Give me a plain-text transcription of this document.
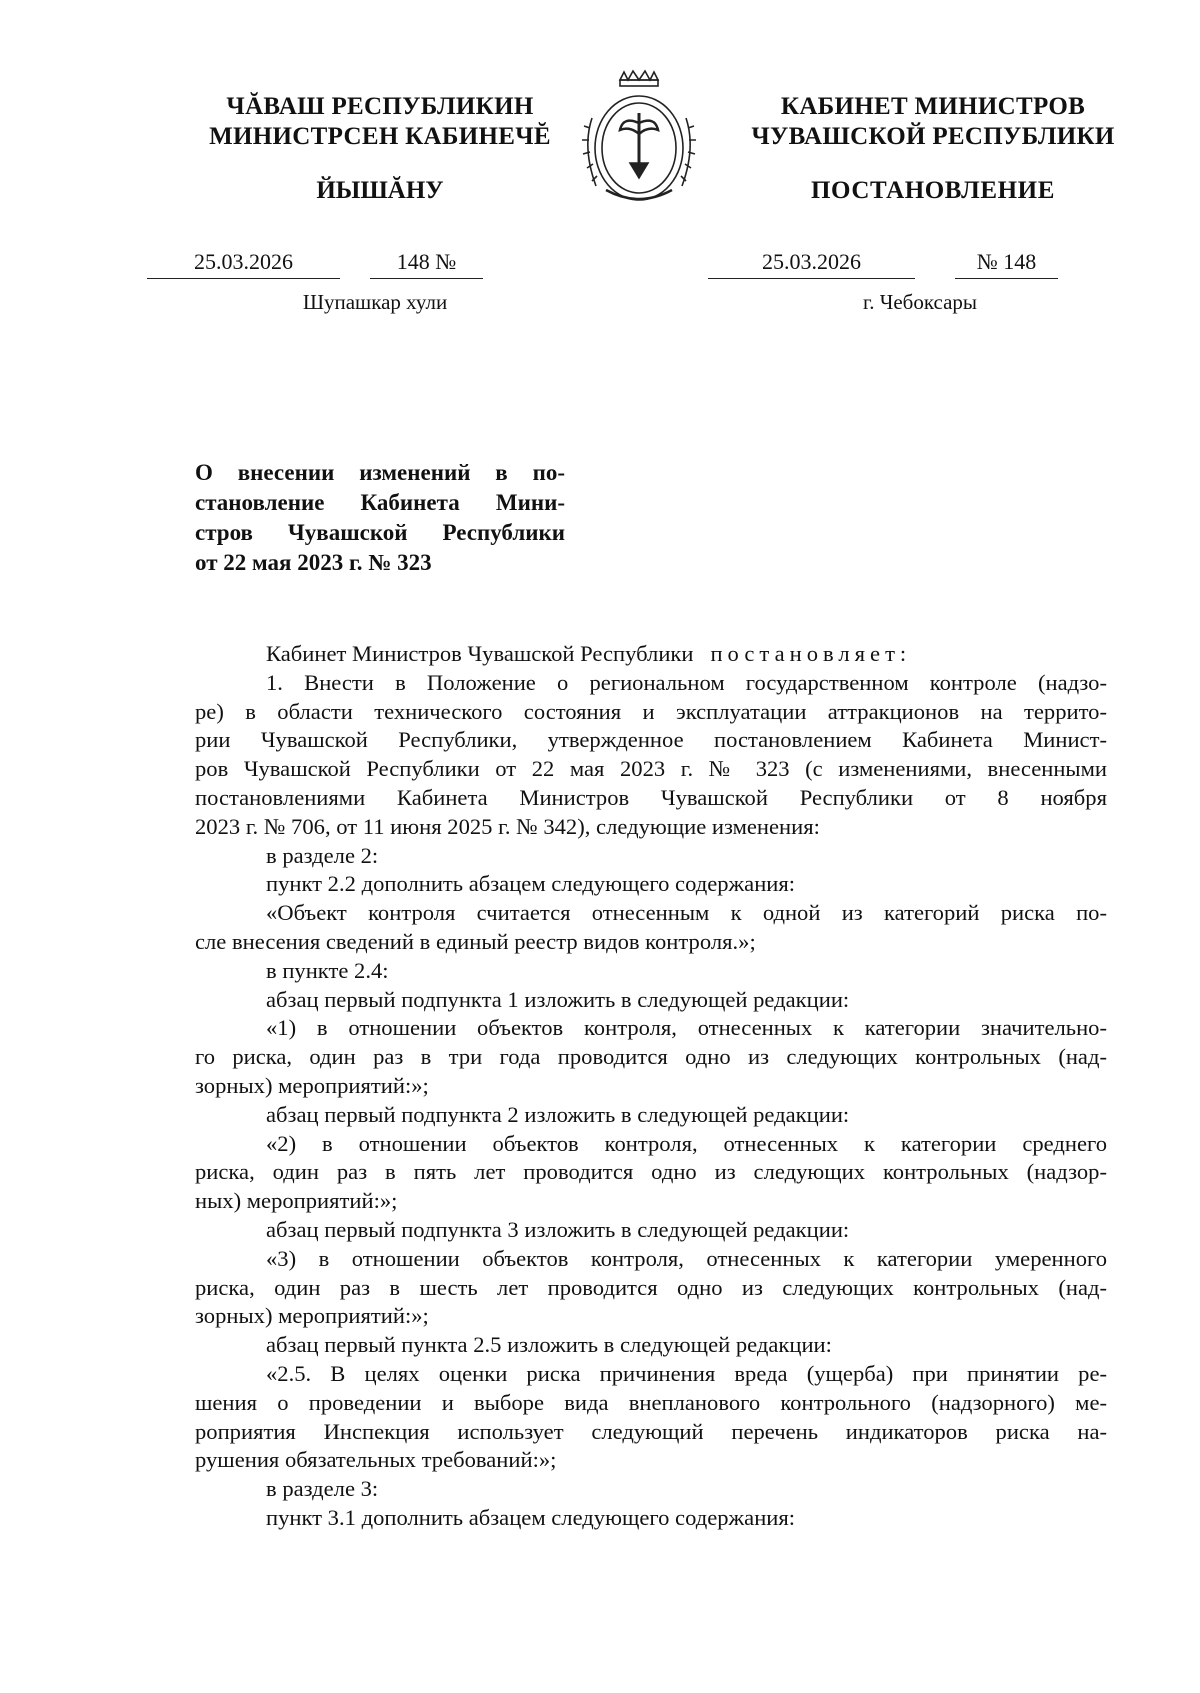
ЧĂВАШ РЕСПУБЛИКИН
МИНИСТРСЕН КАБИНЕЧĔ
ЙЫШĂНУ
КАБИНЕТ МИНИСТРОВ
ЧУВАШСКОЙ РЕСПУБЛИКИ
ПОСТАНОВЛЕНИЕ
25.03.2026	148 №	25.03.2026	№ 148
Шупашкар хули	г. Чебоксары
О внесении изменений в по-
становление Кабинета Мини-
стров Чувашской Республики
от 22 мая 2023 г. № 323
Кабинет Министров Чувашской Республики постановляет:
1. Внести в Положение о региональном государственном контроле (надзо-
ре) в области технического состояния и эксплуатации аттракционов на террито-
рии Чувашской Республики, утвержденное постановлением Кабинета Минист-
ров Чувашской Республики от 22 мая 2023 г. № 323 (с изменениями, внесенными
постановлениями Кабинета Министров Чувашской Республики от 8 ноября
2023 г. № 706, от 11 июня 2025 г. № 342), следующие изменения:
в разделе 2:
пункт 2.2 дополнить абзацем следующего содержания:
«Объект контроля считается отнесенным к одной из категорий риска по-
сле внесения сведений в единый реестр видов контроля.»;
в пункте 2.4:
абзац первый подпункта 1 изложить в следующей редакции:
«1) в отношении объектов контроля, отнесенных к категории значительно-
го риска, один раз в три года проводится одно из следующих контрольных (над-
зорных) мероприятий:»;
абзац первый подпункта 2 изложить в следующей редакции:
«2) в отношении объектов контроля, отнесенных к категории среднего
риска, один раз в пять лет проводится одно из следующих контрольных (надзор-
ных) мероприятий:»;
абзац первый подпункта 3 изложить в следующей редакции:
«3) в отношении объектов контроля, отнесенных к категории умеренного
риска, один раз в шесть лет проводится одно из следующих контрольных (над-
зорных) мероприятий:»;
абзац первый пункта 2.5 изложить в следующей редакции:
«2.5. В целях оценки риска причинения вреда (ущерба) при принятии ре-
шения о проведении и выборе вида внепланового контрольного (надзорного) ме-
роприятия Инспекция использует следующий перечень индикаторов риска на-
рушения обязательных требований:»;
в разделе 3:
пункт 3.1 дополнить абзацем следующего содержания:
